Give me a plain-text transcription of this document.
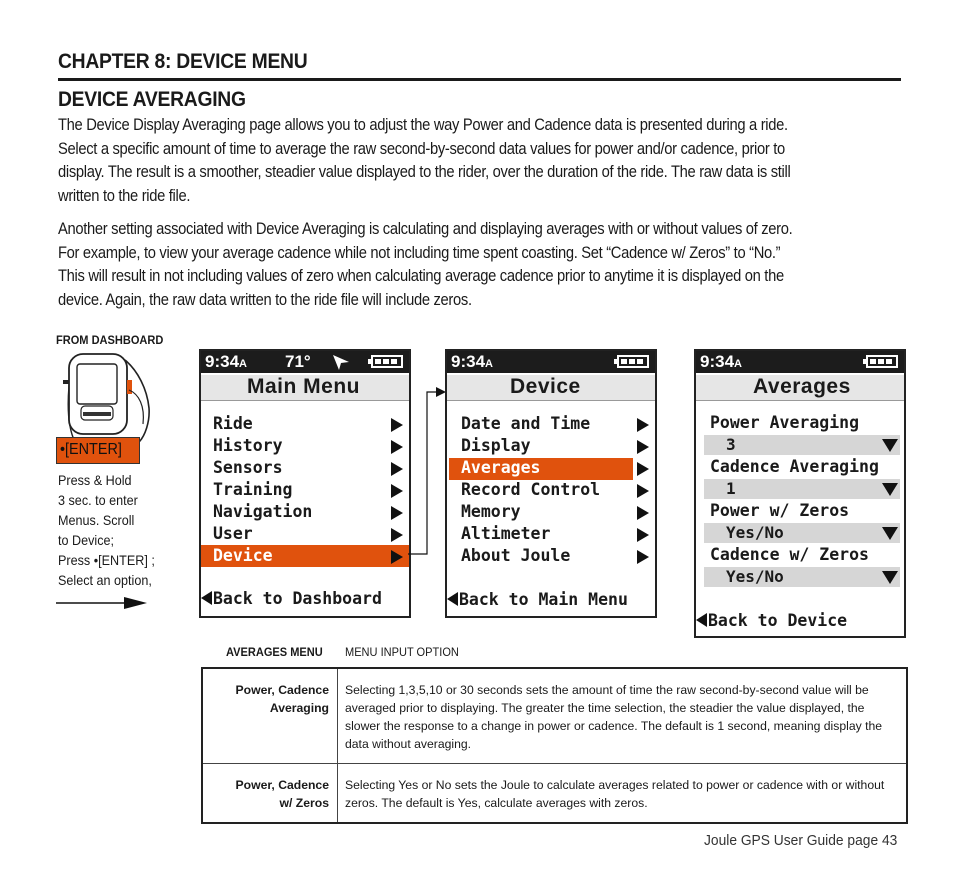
CHAPTER 8: DEVICE MENU
DEVICE AVERAGING
The Device Display Averaging page allows you to adjust the way Power and Cadence data is presented during a ride.
Select a specific amount of time to average the raw second-by-second data values for power and/or cadence, prior to
display. The result is a smoother, steadier value displayed to the rider, over the duration of the ride. The raw data is still
written to the ride file.
Another setting associated with Device Averaging is calculating and displaying averages with or without values of zero.
For example, to view your average cadence while not including time spent coasting. Set “Cadence w/ Zeros” to “No.”
This will result in not including values of zero when calculating average cadence prior to anytime it is displayed on the
device. Again, the raw data written to the ride file will include zeros.
FROM DASHBOARD
•[ENTER]
Press & Hold
3 sec. to enter
Menus. Scroll
to Device;
Press •[ENTER] ;
Select an option,
9:34A 71°
Main Menu
Ride
History
Sensors
Training
Navigation
User
Device
Back to Dashboard
9:34A
Device
Date and Time
Display
Averages
Record Control
Memory
Altimeter
About Joule
Back to Main Menu
9:34A
Averages
Power Averaging
3
Cadence Averaging
1
Power w/ Zeros
Yes/No
Cadence w/ Zeros
Yes/No
Back to Device
AVERAGES MENU MENU INPUT OPTION
Power, Cadence
Averaging	Selecting 1,3,5,10 or 30 seconds sets the amount of time the raw second-by-second value will be averaged prior to displaying. The greater the time selection, the steadier the value displayed, the slower the response to a change in power or cadence. The default is 1 second, meaning display the data without averaging.

Power, Cadence
w/ Zeros	Selecting Yes or No sets the Joule to calculate averages related to power or cadence with or without zeros. The default is Yes, calculate averages with zeros.
Joule GPS User Guide page 43
